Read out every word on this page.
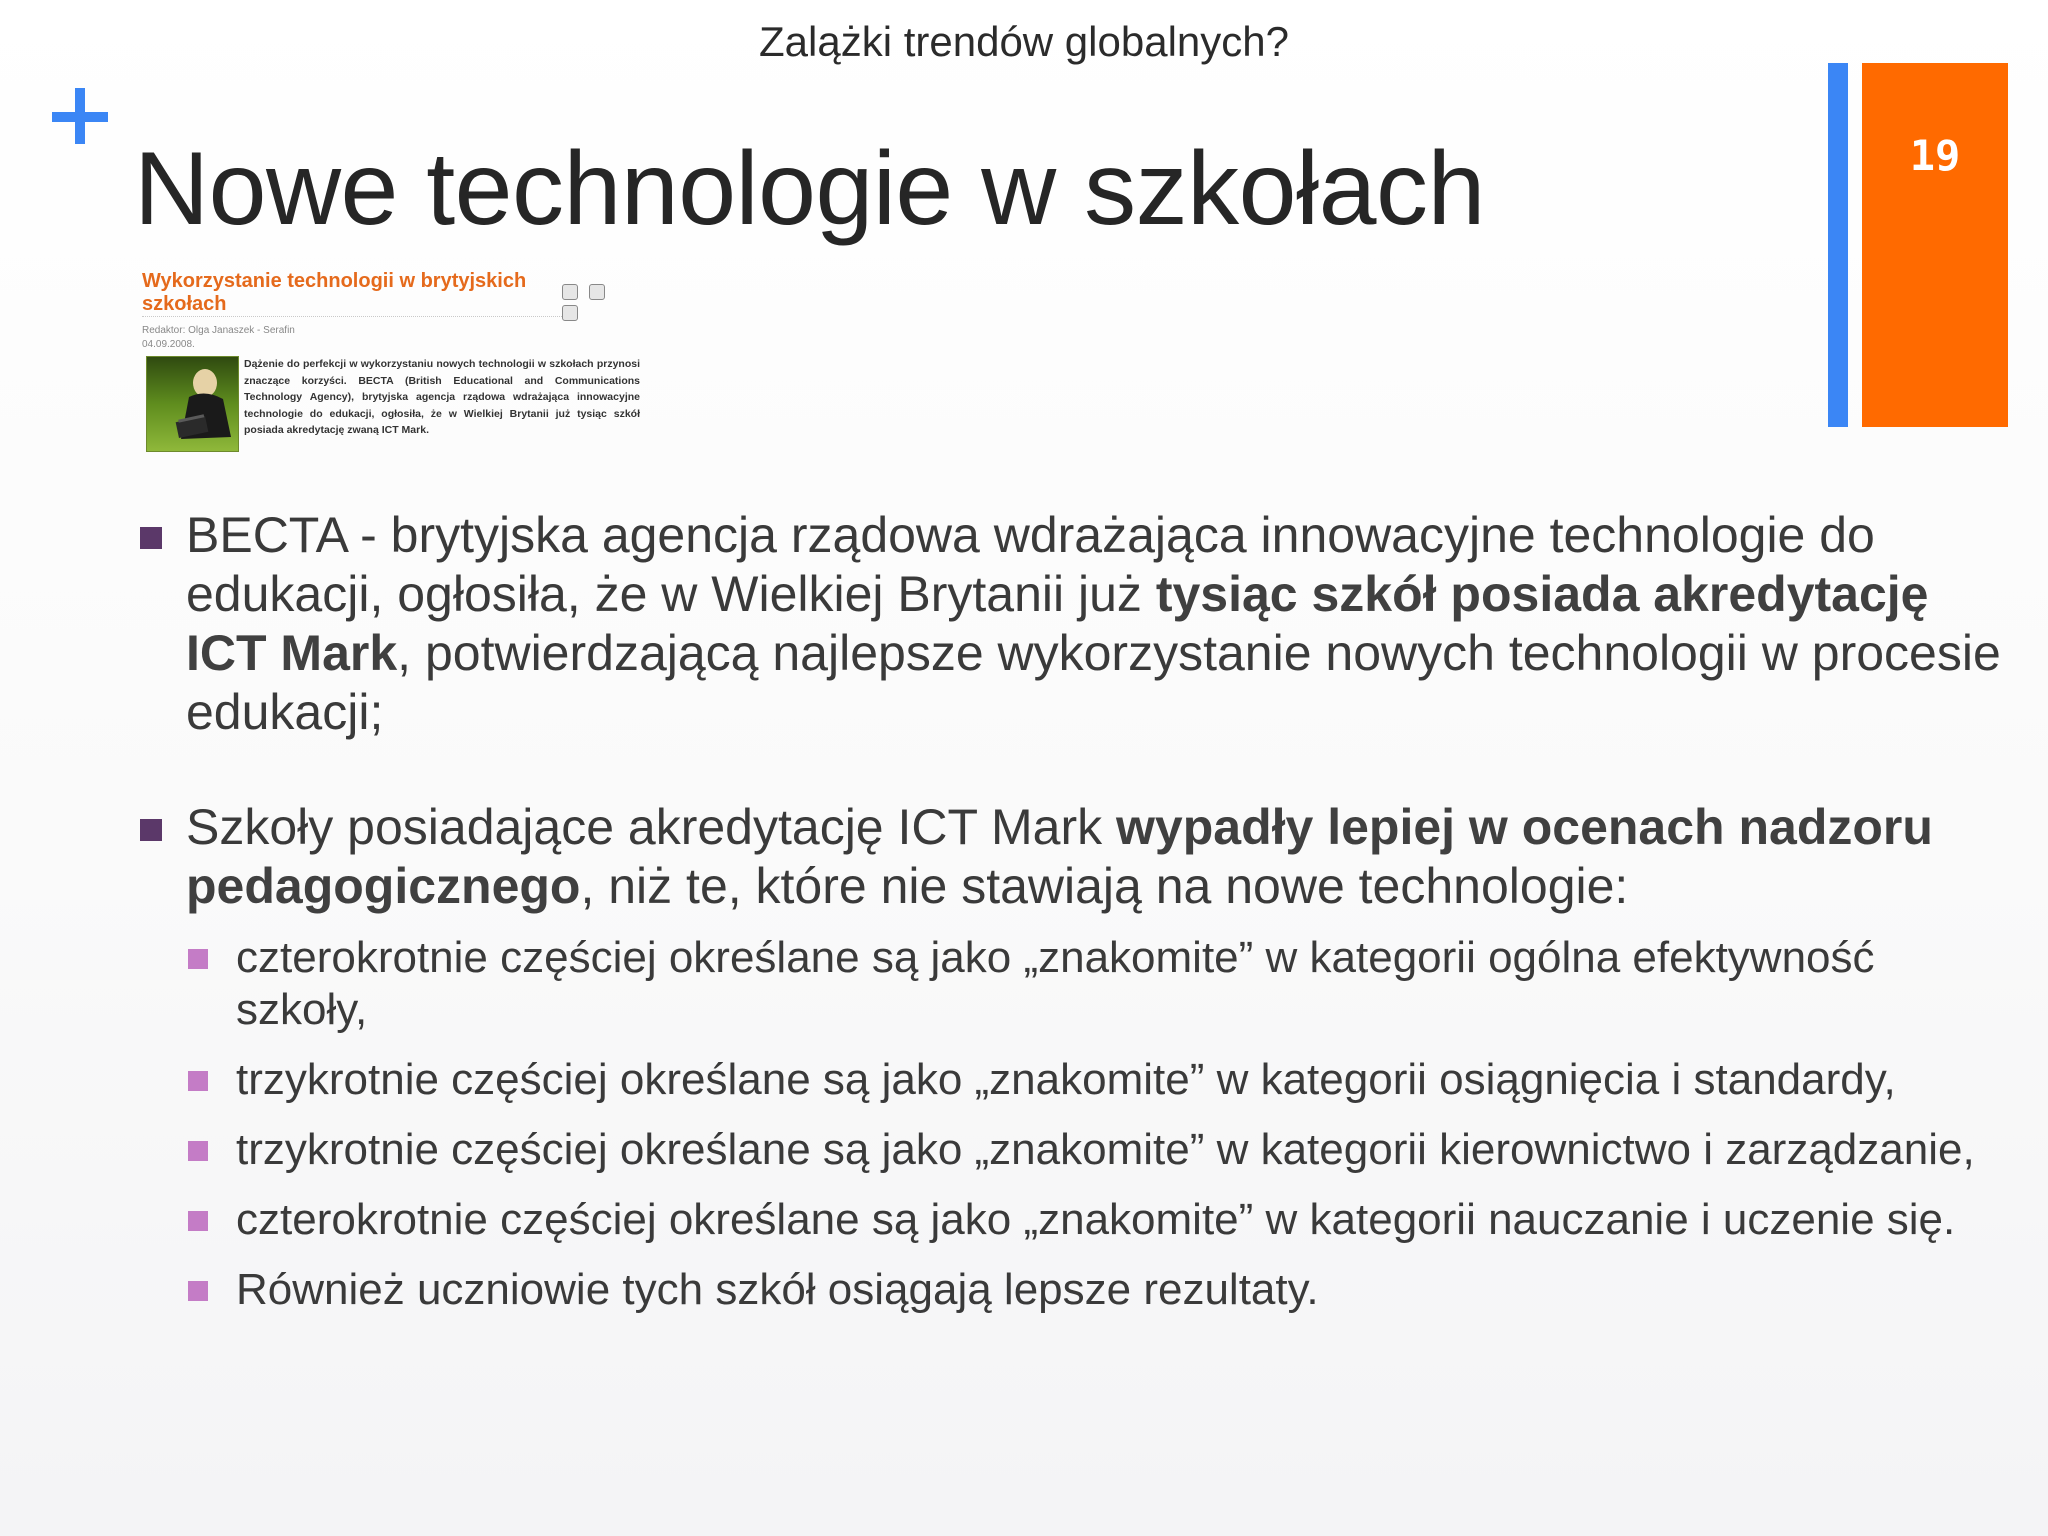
Zalążki trendów globalnych?
Nowe technologie w szkołach	19
Wykorzystanie technologii w brytyjskich szkołach

Redaktor: Olga Janaszek - Serafin
04.09.2008.
Dążenie do perfekcji w wykorzystaniu nowych technologii w szkołach przynosi znaczące korzyści. BECTA (British Educational and Communications Technology Agency), brytyjska agencja rządowa wdrażająca innowacyjne technologie do edukacji, ogłosiła, że w Wielkiej Brytanii już tysiąc szkół posiada akredytację zwaną ICT Mark.
BECTA - brytyjska agencja rządowa wdrażająca innowacyjne technologie do edukacji, ogłosiła, że w Wielkiej Brytanii już tysiąc szkół posiada akredytację ICT Mark, potwierdzającą najlepsze wykorzystanie nowych technologii w procesie edukacji;
Szkoły posiadające akredytację ICT Mark wypadły lepiej w ocenach nadzoru pedagogicznego, niż te, które nie stawiają na nowe technologie:
czterokrotnie częściej określane są jako „znakomite” w kategorii ogólna efektywność szkoły,
trzykrotnie częściej określane są jako „znakomite” w kategorii osiągnięcia i standardy,
trzykrotnie częściej określane są jako „znakomite” w kategorii kierownictwo i zarządzanie,
czterokrotnie częściej określane są jako „znakomite” w kategorii nauczanie i uczenie się.
Również uczniowie tych szkół osiągają lepsze rezultaty.
